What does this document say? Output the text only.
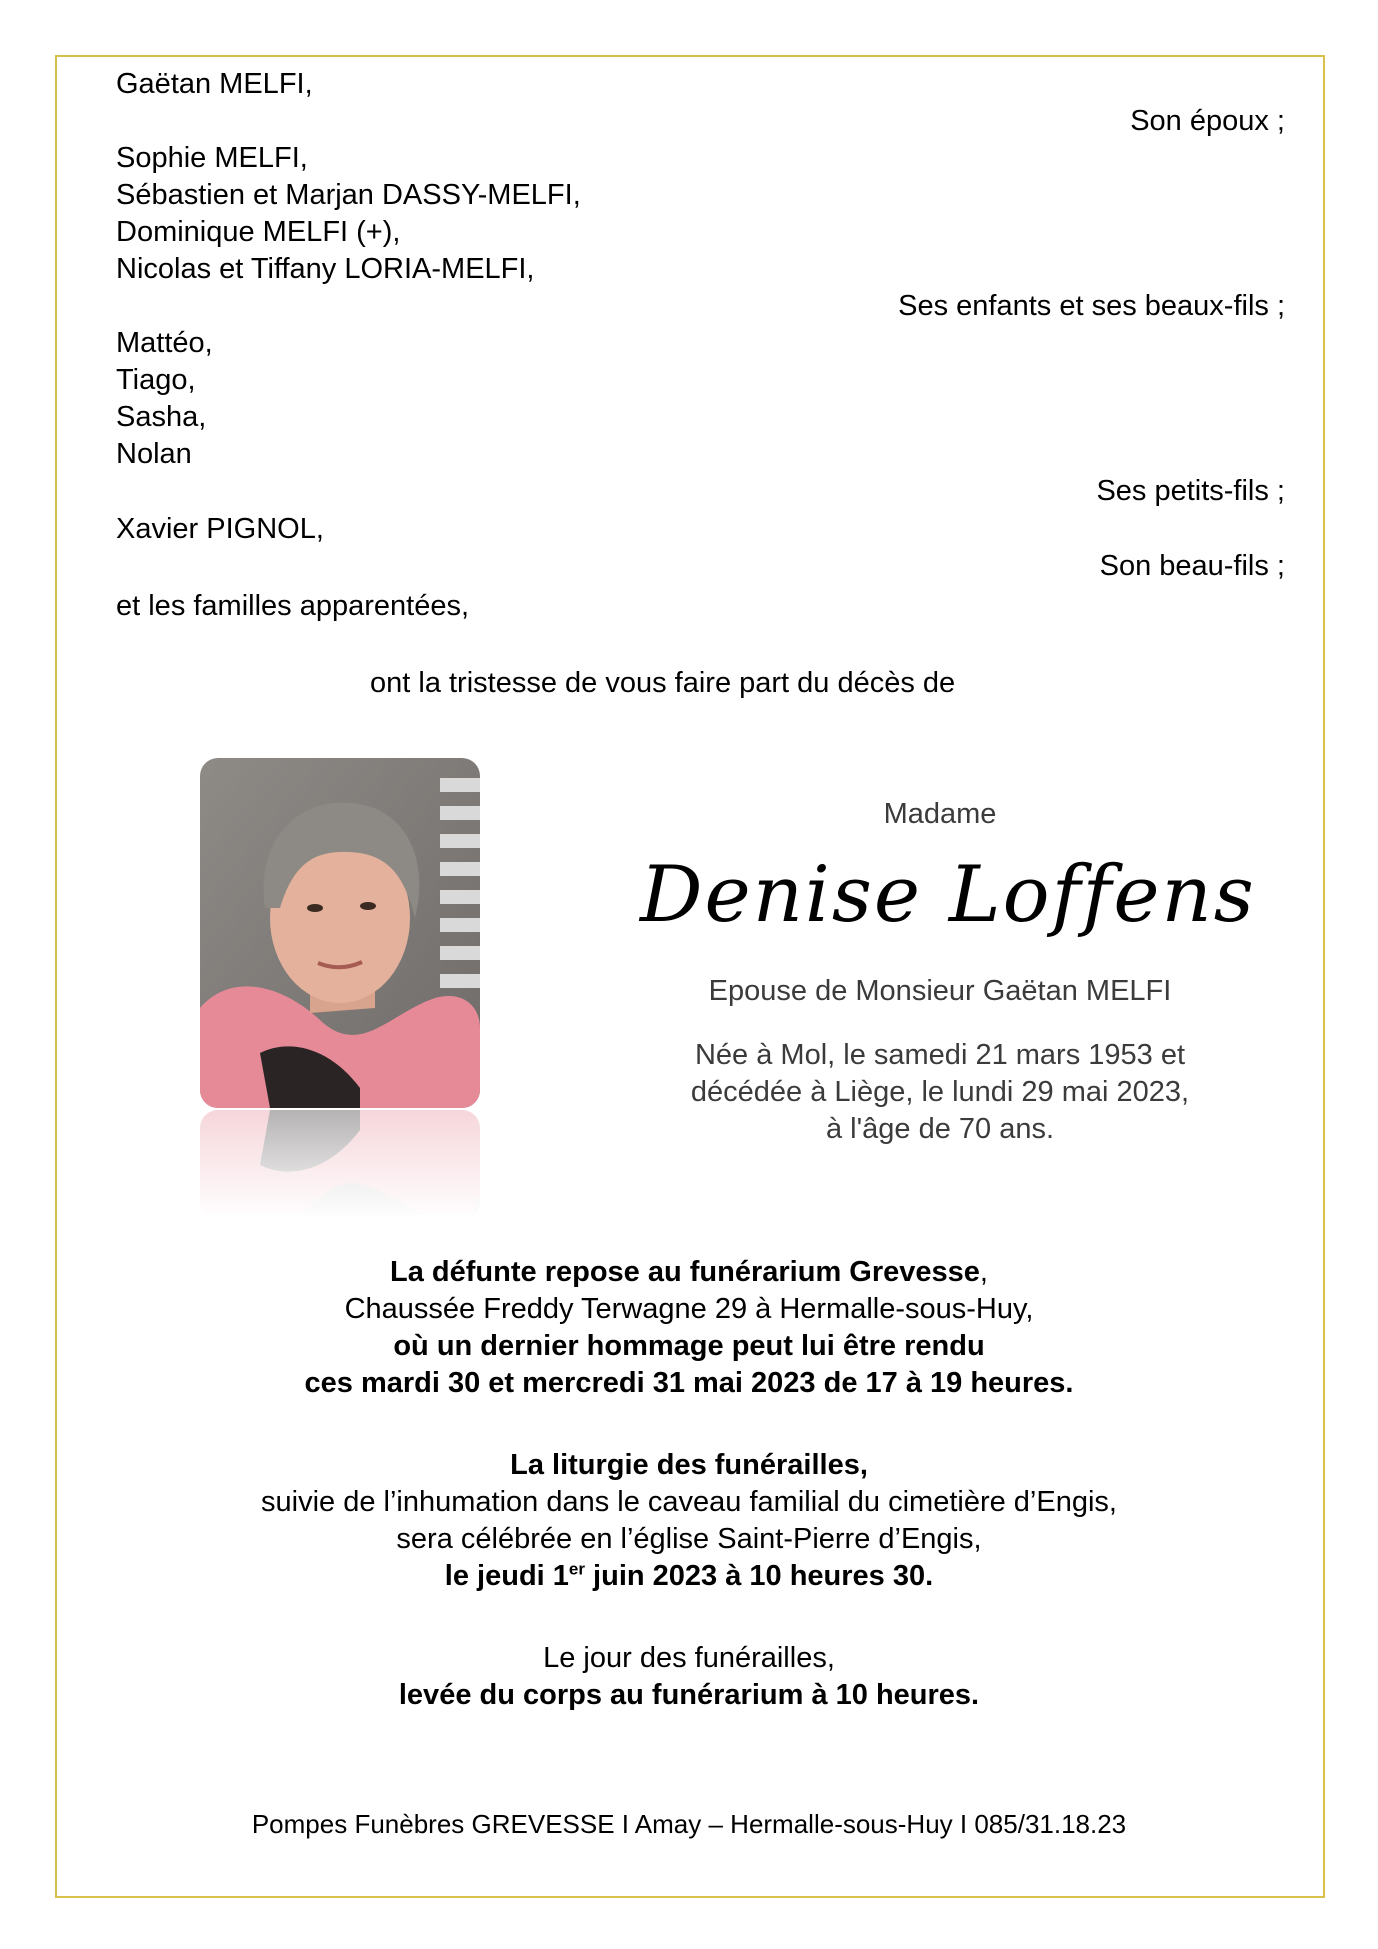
Gaëtan MELFI,
Son époux ;
Sophie MELFI,
Sébastien et Marjan DASSY-MELFI,
Dominique MELFI (+),
Nicolas et Tiffany LORIA-MELFI,
Ses enfants et ses beaux-fils ;
Mattéo,
Tiago,
Sasha,
Nolan
Ses petits-fils ;
Xavier PIGNOL,
Son beau-fils ;
et les familles apparentées,
ont la tristesse de vous faire part du décès de
Madame
Denise Loffens
Epouse de Monsieur Gaëtan MELFI
Née à Mol, le samedi 21 mars 1953 et
décédée à Liège, le lundi 29 mai 2023,
à l'âge de 70 ans.
La défunte repose au funérarium Grevesse,
Chaussée Freddy Terwagne 29 à Hermalle-sous-Huy,
où un dernier hommage peut lui être rendu
ces mardi 30 et mercredi 31 mai 2023 de 17 à 19 heures.
La liturgie des funérailles,
suivie de l’inhumation dans le caveau familial du cimetière d’Engis,
sera célébrée en l’église Saint-Pierre d’Engis,
le jeudi 1er juin 2023 à 10 heures 30.
Le jour des funérailles,
levée du corps au funérarium à 10 heures.
Pompes Funèbres GREVESSE I Amay – Hermalle-sous-Huy I 085/31.18.23
